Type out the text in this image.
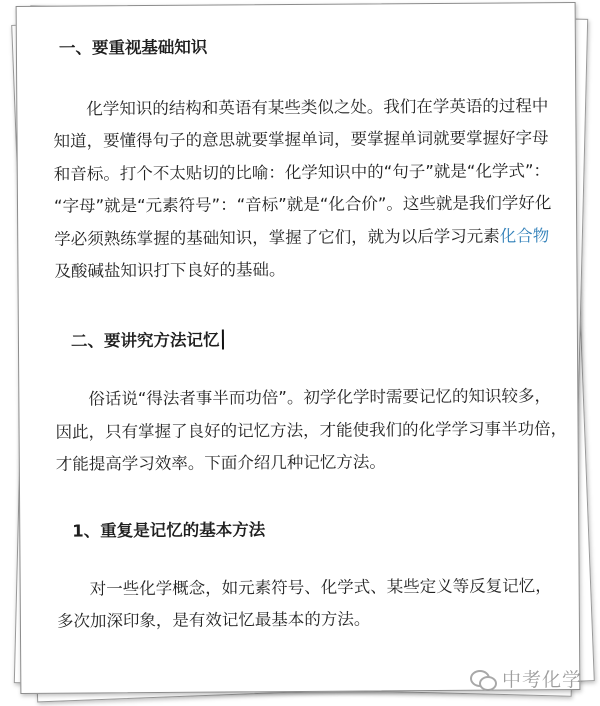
一、要重视基础知识

化学知识的结构和英语有某些类似之处。我们在学英语的过程中
知道，要懂得句子的意思就要掌握单词，要掌握单词就要掌握好字母
和音标。打个不太贴切的比喻：化学知识中的“句子”就是“化学式”：
“字母”就是“元素符号”：“音标”就是“化合价”。这些就是我们学好化
学必须熟练掌握的基础知识，掌握了它们，就为以后学习元素化合物
及酸碱盐知识打下良好的基础。

二、要讲究方法记忆

俗话说“得法者事半而功倍”。初学化学时需要记忆的知识较多，
因此，只有掌握了良好的记忆方法，才能使我们的化学学习事半功倍，
才能提高学习效率。下面介绍几种记忆方法。

1、重复是记忆的基本方法

对一些化学概念，如元素符号、化学式、某些定义等反复记忆，
多次加深印象，是有效记忆最基本的方法。

中考化学
